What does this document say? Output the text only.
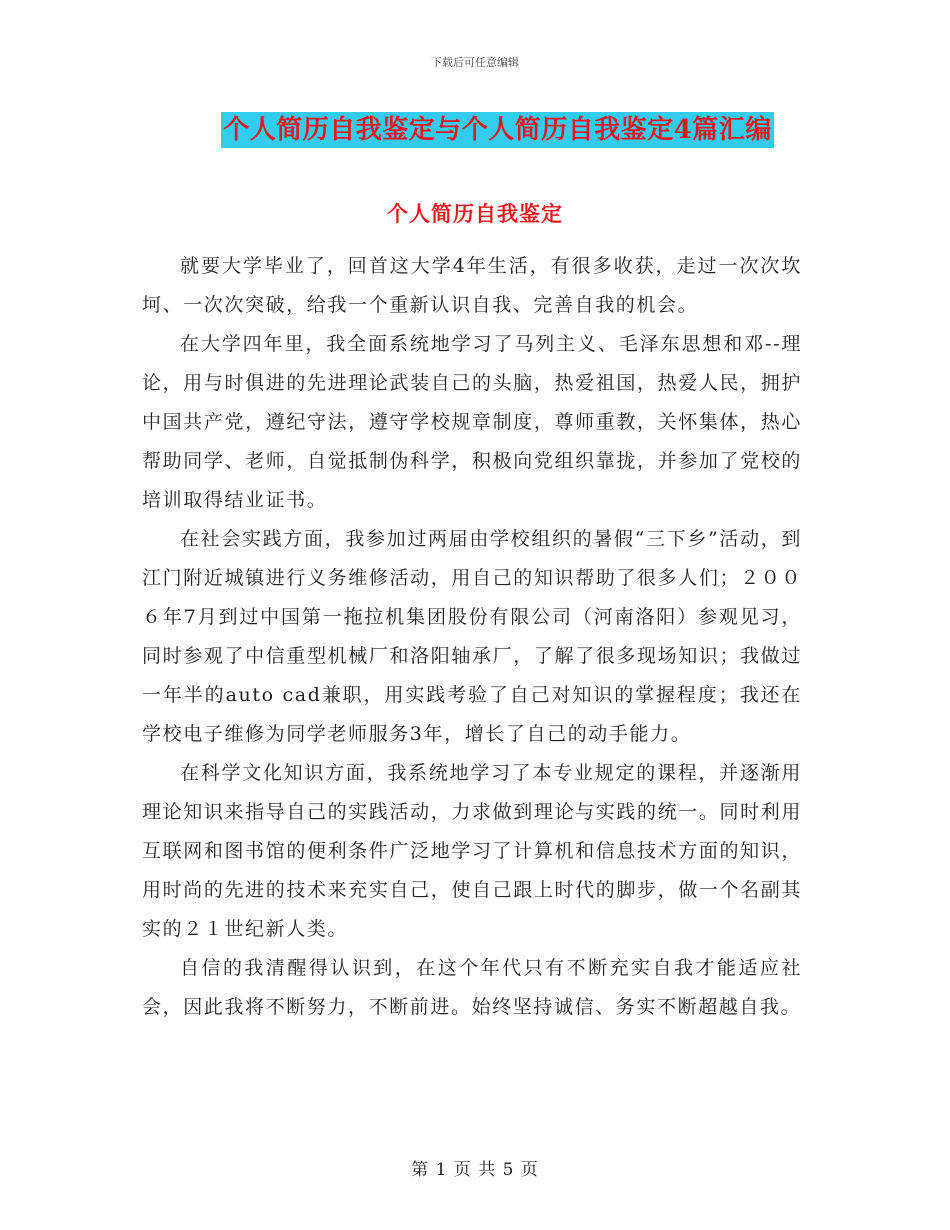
下载后可任意编辑
个人简历自我鉴定与个人简历自我鉴定4篇汇编
个人简历自我鉴定

就要大学毕业了，回首这大学4年生活，有很多收获，走过一次次坎坷、一次次突破，给我一个重新认识自我、完善自我的机会。

在大学四年里，我全面系统地学习了马列主义、毛泽东思想和邓--理论，用与时俱进的先进理论武装自己的头脑，热爱祖国，热爱人民，拥护中国共产党，遵纪守法，遵守学校规章制度，尊师重教，关怀集体，热心帮助同学、老师，自觉抵制伪科学，积极向党组织靠拢，并参加了党校的培训取得结业证书。

在社会实践方面，我参加过两届由学校组织的暑假“三下乡”活动，到江门附近城镇进行义务维修活动，用自己的知识帮助了很多人们；２００６年7月到过中国第一拖拉机集团股份有限公司（河南洛阳）参观见习，同时参观了中信重型机械厂和洛阳轴承厂，了解了很多现场知识；我做过一年半的auto cad兼职，用实践考验了自己对知识的掌握程度；我还在学校电子维修为同学老师服务3年，增长了自己的动手能力。

在科学文化知识方面，我系统地学习了本专业规定的课程，并逐渐用理论知识来指导自己的实践活动，力求做到理论与实践的统一。同时利用互联网和图书馆的便利条件广泛地学习了计算机和信息技术方面的知识，用时尚的先进的技术来充实自己，使自己跟上时代的脚步，做一个名副其实的２１世纪新人类。

自信的我清醒得认识到，在这个年代只有不断充实自我才能适应社会，因此我将不断努力，不断前进。始终坚持诚信、务实不断超越自我。

第 1 页 共 5 页
